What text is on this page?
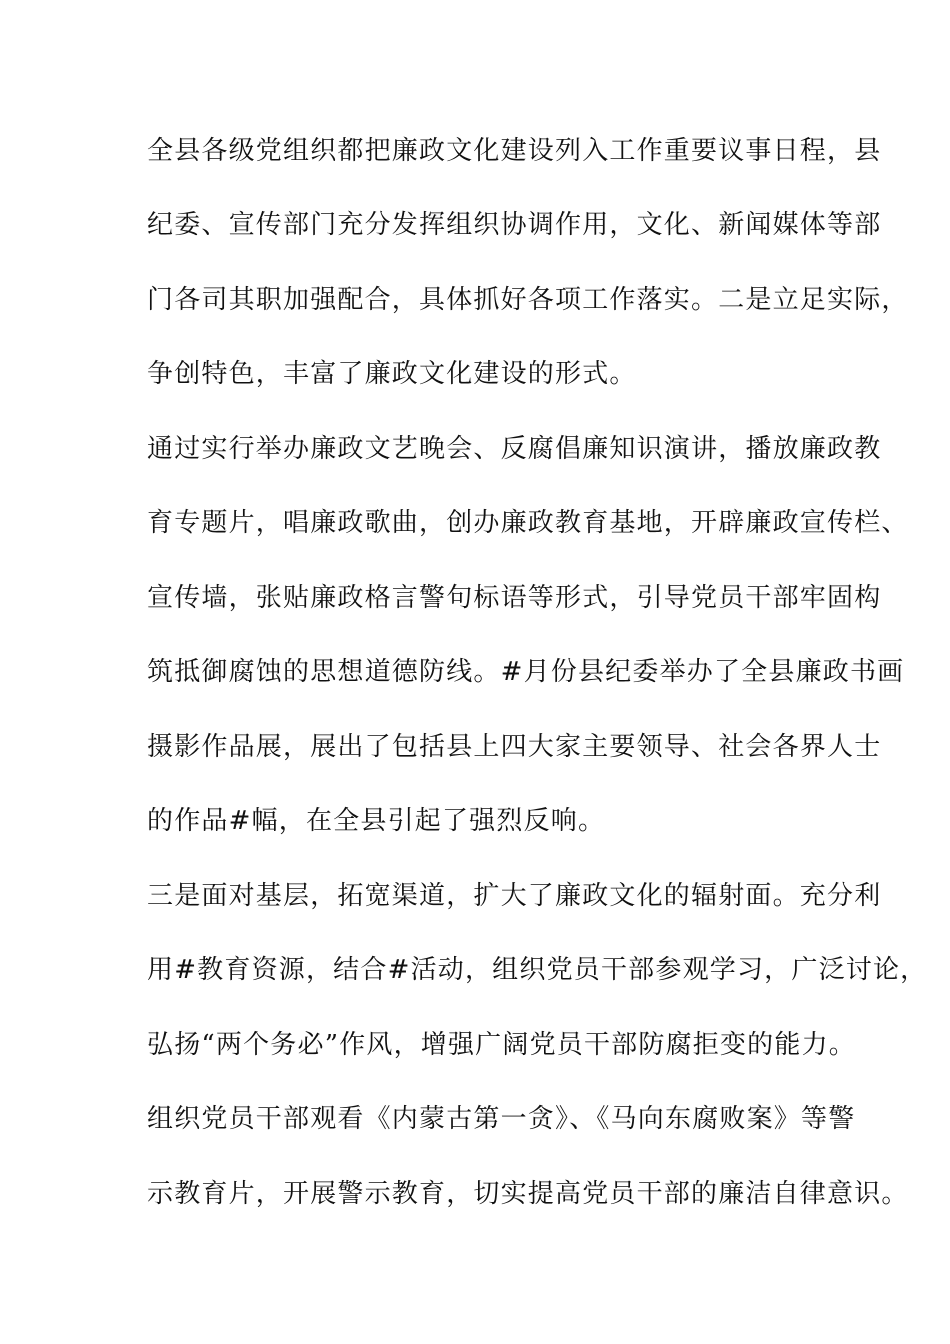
全县各级党组织都把廉政文化建设列入工作重要议事日程，县
纪委、宣传部门充分发挥组织协调作用，文化、新闻媒体等部
门各司其职加强配合，具体抓好各项工作落实。二是立足实际，
争创特色，丰富了廉政文化建设的形式。
通过实行举办廉政文艺晚会、反腐倡廉知识演讲，播放廉政教
育专题片，唱廉政歌曲，创办廉政教育基地，开辟廉政宣传栏、
宣传墙，张贴廉政格言警句标语等形式，引导党员干部牢固构
筑抵御腐蚀的思想道德防线。#月份县纪委举办了全县廉政书画
摄影作品展，展出了包括县上四大家主要领导、社会各界人士
的作品#幅，在全县引起了强烈反响。
三是面对基层，拓宽渠道，扩大了廉政文化的辐射面。充分利
用#教育资源，结合#活动，组织党员干部参观学习，广泛讨论，
弘扬“两个务必”作风，增强广阔党员干部防腐拒变的能力。
组织党员干部观看《内蒙古第一贪》、《马向东腐败案》等警
示教育片，开展警示教育，切实提高党员干部的廉洁自律意识。
